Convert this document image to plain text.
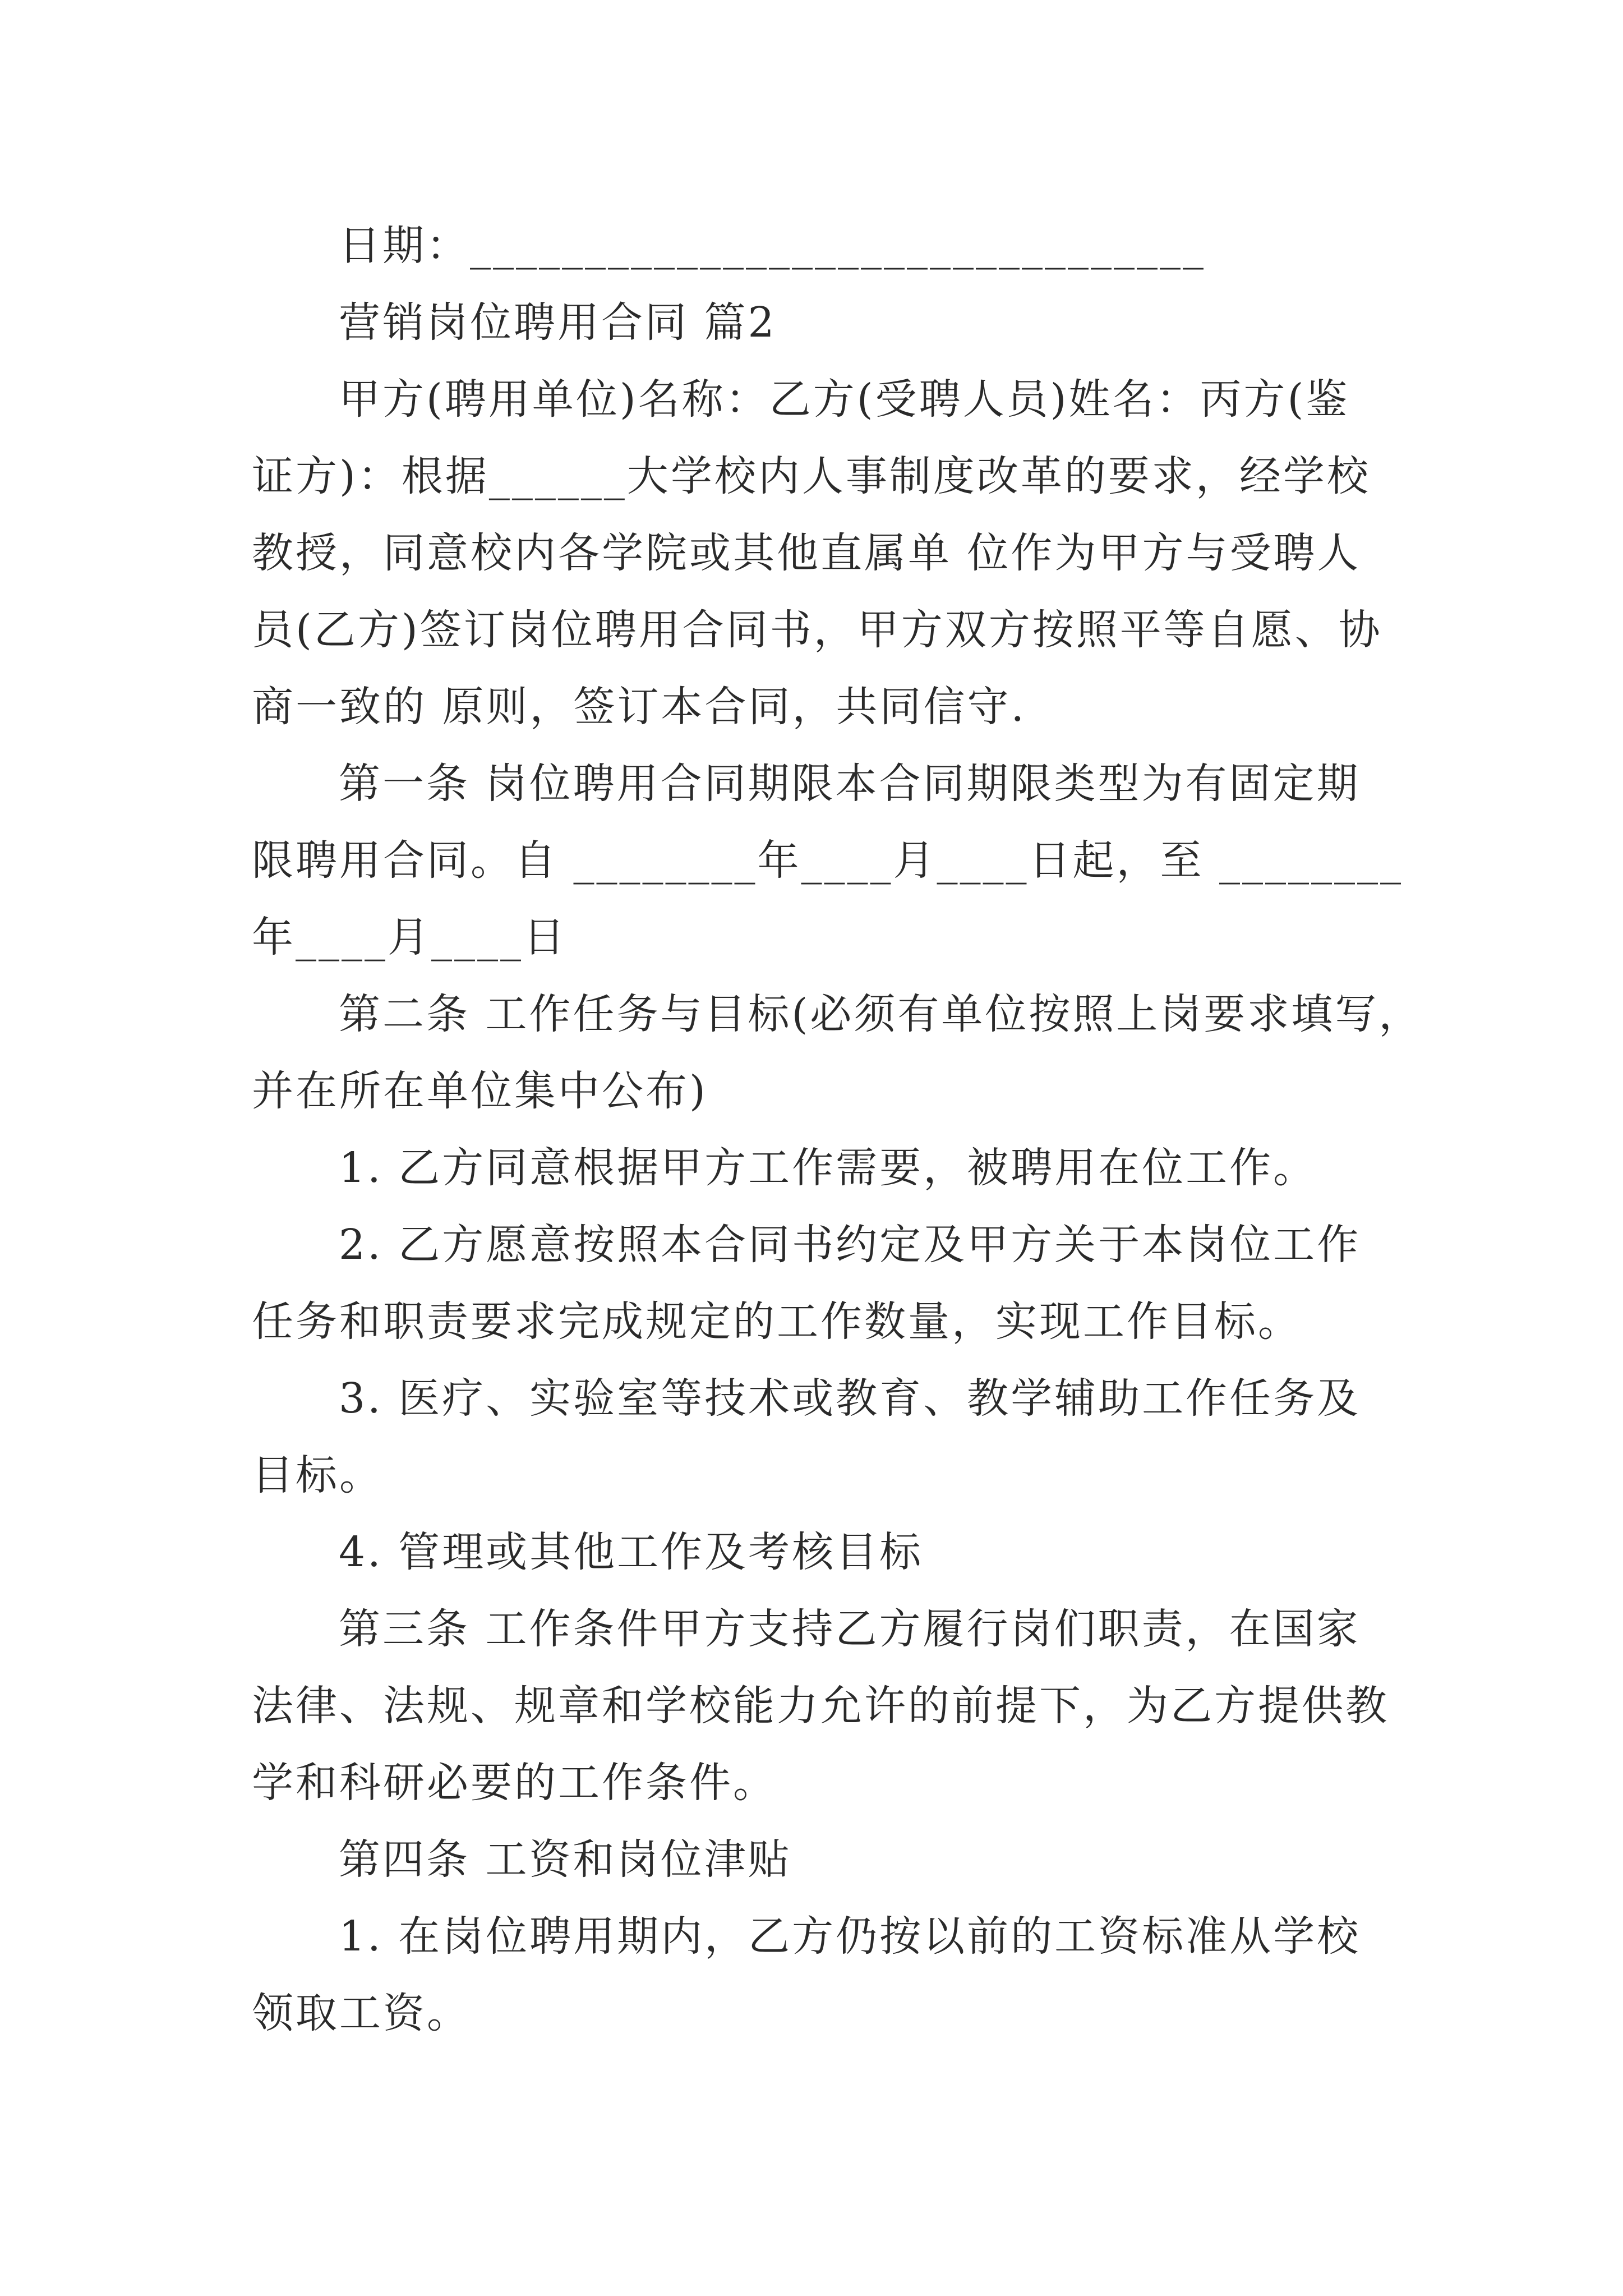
日期：________________________________
营销岗位聘用合同 篇2
甲方(聘用单位)名称：乙方(受聘人员)姓名：丙方(鉴
证方)：根据______大学校内人事制度改革的要求，经学校
教授，同意校内各学院或其他直属单 位作为甲方与受聘人
员(乙方)签订岗位聘用合同书，甲方双方按照平等自愿、协
商一致的 原则，签订本合同，共同信守.
第一条 岗位聘用合同期限本合同期限类型为有固定期
限聘用合同。自 ________年____月____日起，至 ________
年____月____日
第二条 工作任务与目标(必须有单位按照上岗要求填写，
并在所在单位集中公布)
1. 乙方同意根据甲方工作需要，被聘用在位工作。
2. 乙方愿意按照本合同书约定及甲方关于本岗位工作
任务和职责要求完成规定的工作数量，实现工作目标。
3. 医疗、实验室等技术或教育、教学辅助工作任务及
目标。
4. 管理或其他工作及考核目标
第三条 工作条件甲方支持乙方履行岗们职责，在国家
法律、法规、规章和学校能力允许的前提下，为乙方提供教
学和科研必要的工作条件。
第四条 工资和岗位津贴
1. 在岗位聘用期内，乙方仍按以前的工资标准从学校
领取工资。
